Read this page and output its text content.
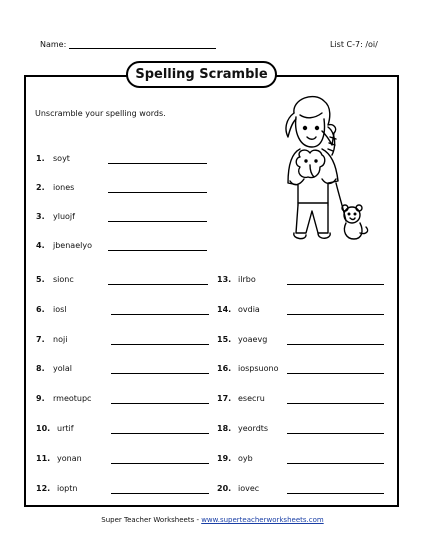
Name:	List C-7: /oi/
Spelling Scramble
Unscramble your spelling words.
1. soyt
2. iones
3. yluojf
4. jbenaelyo
5. sionc
6. iosl
7. noji
8. yolal
9. rmeotupc
10. urtif
11. yonan
12. ioptn
13. ilrbo
14. ovdia
15. yoaevg
16. iospsuono
17. esecru
18. yeordts
19. oyb
20. iovec
Super Teacher Worksheets - www.superteacherworksheets.com
